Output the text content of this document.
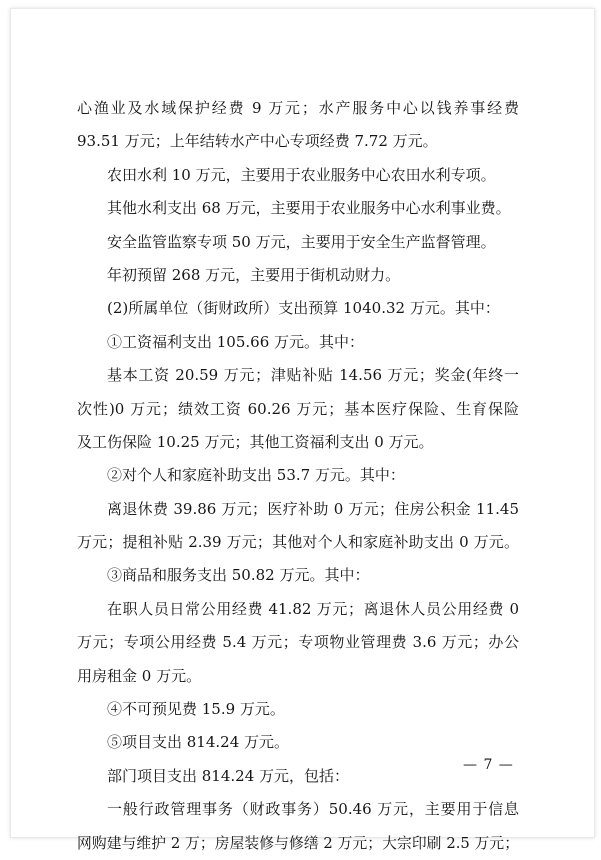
心渔业及水域保护经费 9 万元；水产服务中心以钱养事经费
93.51 万元；上年结转水产中心专项经费 7.72 万元。
农田水利 10 万元，主要用于农业服务中心农田水利专项。
其他水利支出 68 万元，主要用于农业服务中心水利事业费。
安全监管监察专项 50 万元，主要用于安全生产监督管理。
年初预留 268 万元，主要用于街机动财力。
(2)所属单位（街财政所）支出预算 1040.32 万元。其中：
①工资福利支出 105.66 万元。其中：
基本工资 20.59 万元；津贴补贴 14.56 万元；奖金(年终一
次性)0 万元；绩效工资 60.26 万元；基本医疗保险、生育保险
及工伤保险 10.25 万元；其他工资福利支出 0 万元。
②对个人和家庭补助支出 53.7 万元。其中：
离退休费 39.86 万元；医疗补助 0 万元；住房公积金 11.45
万元；提租补贴 2.39 万元；其他对个人和家庭补助支出 0 万元。
③商品和服务支出 50.82 万元。其中：
在职人员日常公用经费 41.82 万元；离退休人员公用经费 0
万元；专项公用经费 5.4 万元；专项物业管理费 3.6 万元；办公
用房租金 0 万元。
④不可预见费 15.9 万元。
⑤项目支出 814.24 万元。
部门项目支出 814.24 万元，包括：
一般行政管理事务（财政事务）50.46 万元，主要用于信息
网购建与维护 2 万；房屋装修与修缮 2 万元；大宗印刷 2.5 万元；
— 7 —
